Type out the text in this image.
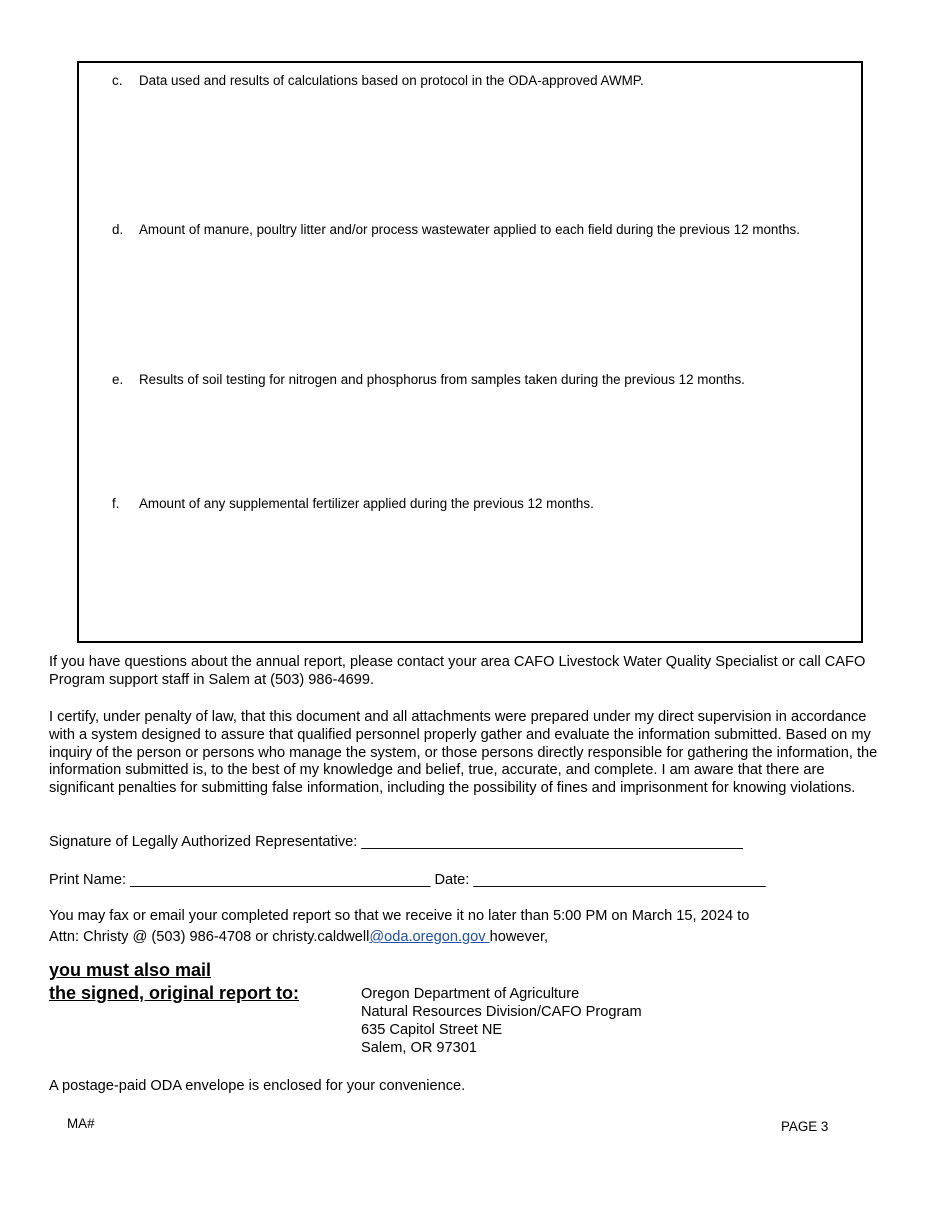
c. Data used and results of calculations based on protocol in the ODA-approved AWMP.
d. Amount of manure, poultry litter and/or process wastewater applied to each field during the previous 12 months.
e. Results of soil testing for nitrogen and phosphorus from samples taken during the previous 12 months.
f. Amount of any supplemental fertilizer applied during the previous 12 months.
If you have questions about the annual report, please contact your area CAFO Livestock Water Quality Specialist or call CAFO Program support staff in Salem at (503) 986-4699.
I certify, under penalty of law, that this document and all attachments were prepared under my direct supervision in accordance with a system designed to assure that qualified personnel properly gather and evaluate the information submitted. Based on my inquiry of the person or persons who manage the system, or those persons directly responsible for gathering the information, the information submitted is, to the best of my knowledge and belief, true, accurate, and complete. I am aware that there are significant penalties for submitting false information, including the possibility of fines and imprisonment for knowing violations.
Signature of Legally Authorized Representative: _______________________________________________
Print Name: _____________________________________ Date: ____________________________________
You may fax or email your completed report so that we receive it no later than 5:00 PM on March 15, 2024 to
Attn: Christy @ (503) 986-4708 or christy.caldwell@oda.oregon.gov however,
you must also mail
the signed, original report to:	Oregon Department of Agriculture
Natural Resources Division/CAFO Program
635 Capitol Street NE
Salem, OR 97301
A postage-paid ODA envelope is enclosed for your convenience.
MA#	PAGE 3
